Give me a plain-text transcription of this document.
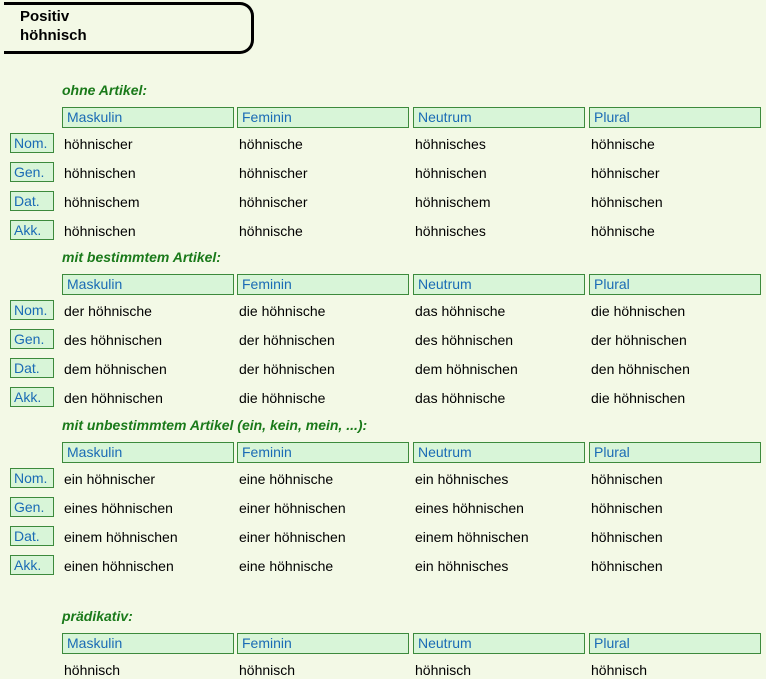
Positiv
höhnisch
ohne Artikel:
Maskulin	Feminin	Neutrum	Plural
Nom.	höhnischer	höhnische	höhnisches	höhnische
Gen.	höhnischen	höhnischer	höhnischen	höhnischer
Dat.	höhnischem	höhnischer	höhnischem	höhnischen
Akk.	höhnischen	höhnische	höhnisches	höhnische
mit bestimmtem Artikel:
Maskulin	Feminin	Neutrum	Plural
Nom.	der höhnische	die höhnische	das höhnische	die höhnischen
Gen.	des höhnischen	der höhnischen	des höhnischen	der höhnischen
Dat.	dem höhnischen	der höhnischen	dem höhnischen	den höhnischen
Akk.	den höhnischen	die höhnische	das höhnische	die höhnischen
mit unbestimmtem Artikel (ein, kein, mein, ...):
Maskulin	Feminin	Neutrum	Plural
Nom.	ein höhnischer	eine höhnische	ein höhnisches	höhnischen
Gen.	eines höhnischen	einer höhnischen	eines höhnischen	höhnischen
Dat.	einem höhnischen	einer höhnischen	einem höhnischen	höhnischen
Akk.	einen höhnischen	eine höhnische	ein höhnisches	höhnischen
prädikativ:
Maskulin	Feminin	Neutrum	Plural
höhnisch	höhnisch	höhnisch	höhnisch
